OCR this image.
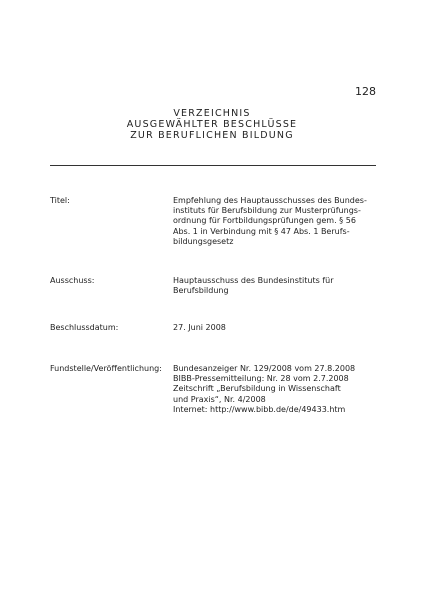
128
VERZEICHNIS
AUSGEWÄHLTER BESCHLÜSSE
ZUR BERUFLICHEN BILDUNG
Titel:	Empfehlung des Hauptausschusses des Bundes-
instituts für Berufsbildung zur Musterprüfungs-
ordnung für Fortbildungsprüfungen gem. § 56
Abs. 1 in Verbindung mit § 47 Abs. 1 Berufs-
bildungsgesetz
Ausschuss:	Hauptausschuss des Bundesinstituts für
Berufsbildung
Beschlussdatum:	27. Juni 2008
Fundstelle/Veröffentlichung:	Bundesanzeiger Nr. 129/2008 vom 27.8.2008
BIBB-Pressemitteilung: Nr. 28 vom 2.7.2008
Zeitschrift „Berufsbildung in Wissenschaft
und Praxis“, Nr. 4/2008
Internet: http://www.bibb.de/de/49433.htm
